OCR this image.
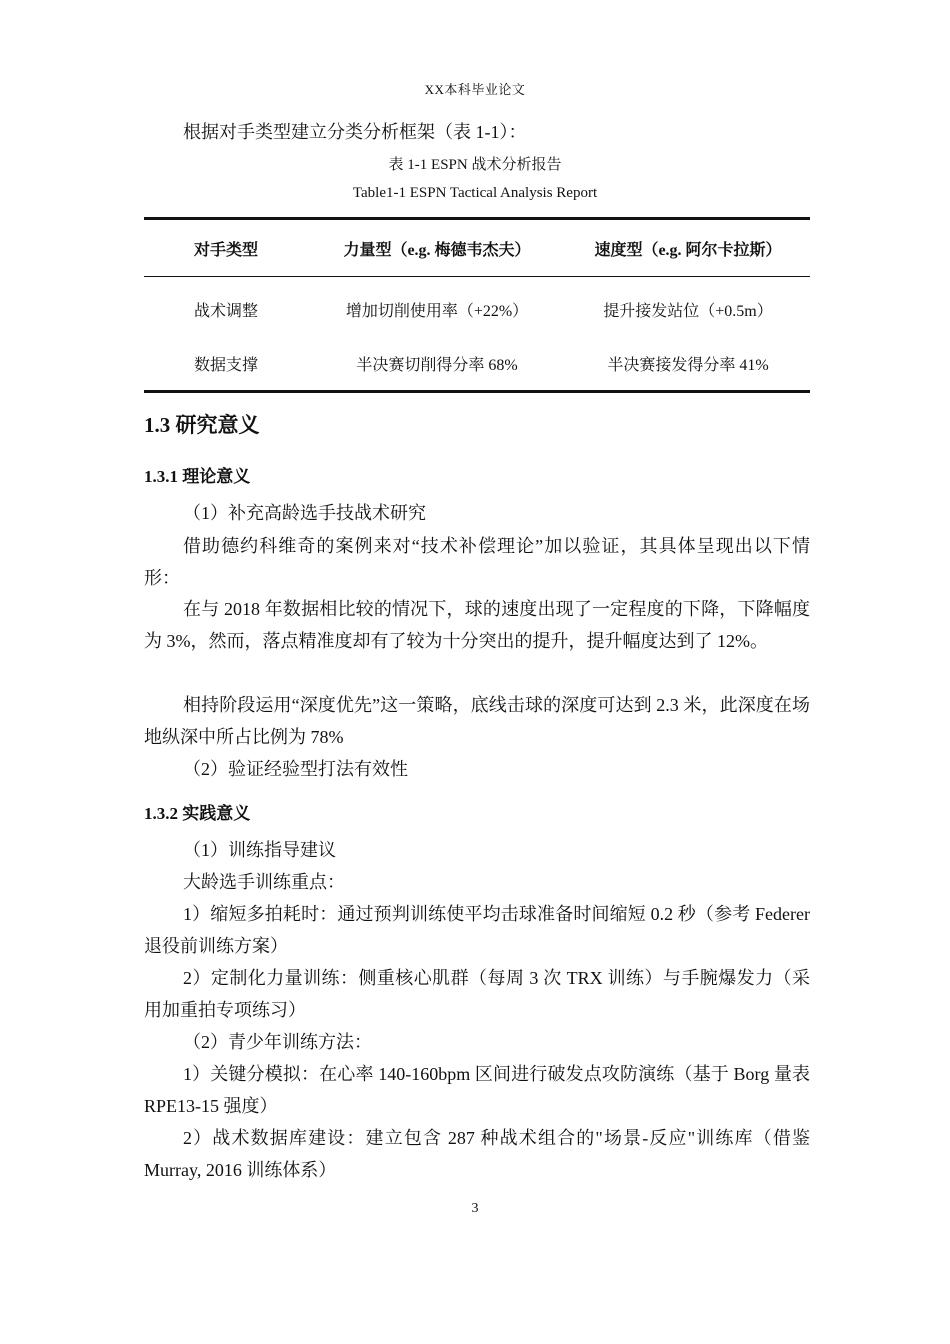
XX本科毕业论文
根据对手类型建立分类分析框架（表 1-1）：
表 1-1 ESPN 战术分析报告
Table1-1 ESPN Tactical Analysis Report
对手类型	力量型（e.g. 梅德韦杰夫）	速度型（e.g. 阿尔卡拉斯）
战术调整	增加切削使用率（+22%）	提升接发站位（+0.5m）
数据支撑	半决赛切削得分率 68%	半决赛接发得分率 41%
1.3 研究意义
1.3.1 理论意义
（1）补充高龄选手技战术研究
借助德约科维奇的案例来对“技术补偿理论”加以验证，其具体呈现出以下情形：
在与 2018 年数据相比较的情况下，球的速度出现了一定程度的下降，下降幅度为 3%，然而，落点精准度却有了较为十分突出的提升，提升幅度达到了 12%。
相持阶段运用“深度优先”这一策略，底线击球的深度可达到 2.3 米，此深度在场地纵深中所占比例为 78%
（2）验证经验型打法有效性
1.3.2 实践意义
（1）训练指导建议
大龄选手训练重点：
1）缩短多拍耗时：通过预判训练使平均击球准备时间缩短 0.2 秒（参考 Federer 退役前训练方案）
2）定制化力量训练：侧重核心肌群（每周 3 次 TRX 训练）与手腕爆发力（采用加重拍专项练习）
（2）青少年训练方法：
1）关键分模拟：在心率 140-160bpm 区间进行破发点攻防演练（基于 Borg 量表 RPE13-15 强度）
2）战术数据库建设：建立包含 287 种战术组合的"场景-反应"训练库（借鉴 Murray, 2016 训练体系）
3
